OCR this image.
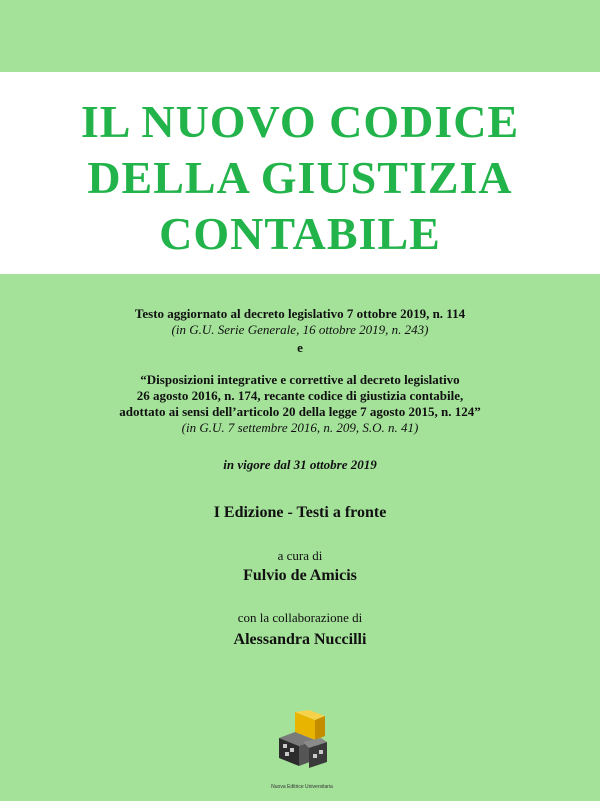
IL NUOVO CODICE
DELLA GIUSTIZIA
CONTABILE

Testo aggiornato al decreto legislativo 7 ottobre 2019, n. 114

(in G.U. Serie Generale, 16 ottobre 2019, n. 243)

e

“Disposizioni integrative e correttive al decreto legislativo

26 agosto 2016, n. 174, recante codice di giustizia contabile,

adottato ai sensi dell’articolo 20 della legge 7 agosto 2015, n. 124”

(in G.U. 7 settembre 2016, n. 209, S.O. n. 41)

in vigore dal 31 ottobre 2019

I Edizione - Testi a fronte

a cura di

Fulvio de Amicis

con la collaborazione di

Alessandra Nuccilli

Nuova Editrice Universitaria
